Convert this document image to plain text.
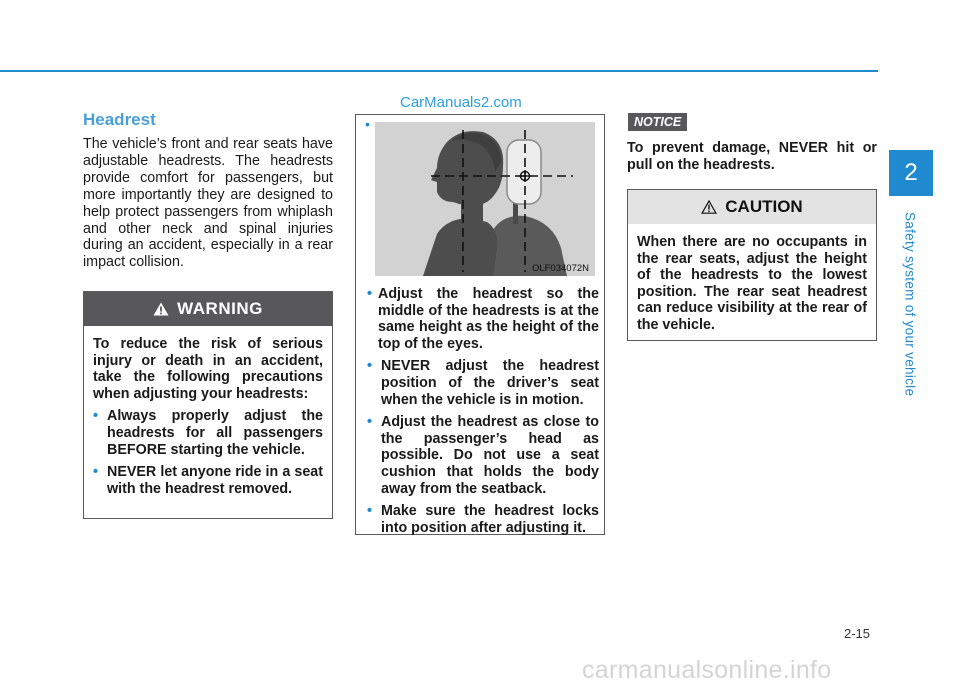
2
Safety system of your vehicle
CarManuals2.com
Headrest

The vehicle’s front and rear seats have adjustable headrests. The headrests provide comfort for passengers, but more importantly they are designed to help protect passengers from whiplash and other neck and spinal injuries during an accident, especially in a rear impact collision.

WARNING

To reduce the risk of serious injury or death in an accident, take the following precautions when adjusting your headrests:

• Always properly adjust the headrests for all passengers BEFORE starting the vehicle.
• NEVER let anyone ride in a seat with the headrest removed.
•
OLF034072N
• Adjust the headrest so the middle of the headrests is at the same height as the height of the top of the eyes.
• NEVER adjust the headrest position of the driver’s seat when the vehicle is in motion.
• Adjust the headrest as close to the passenger’s head as possible. Do not use a seat cushion that holds the body away from the seatback.
• Make sure the headrest locks into position after adjusting it.
NOTICE

To prevent damage, NEVER hit or pull on the headrests.

CAUTION

When there are no occupants in the rear seats, adjust the height of the headrests to the lowest position. The rear seat headrest can reduce visibility at the rear of the vehicle.

2-15
carmanualsonline.info
